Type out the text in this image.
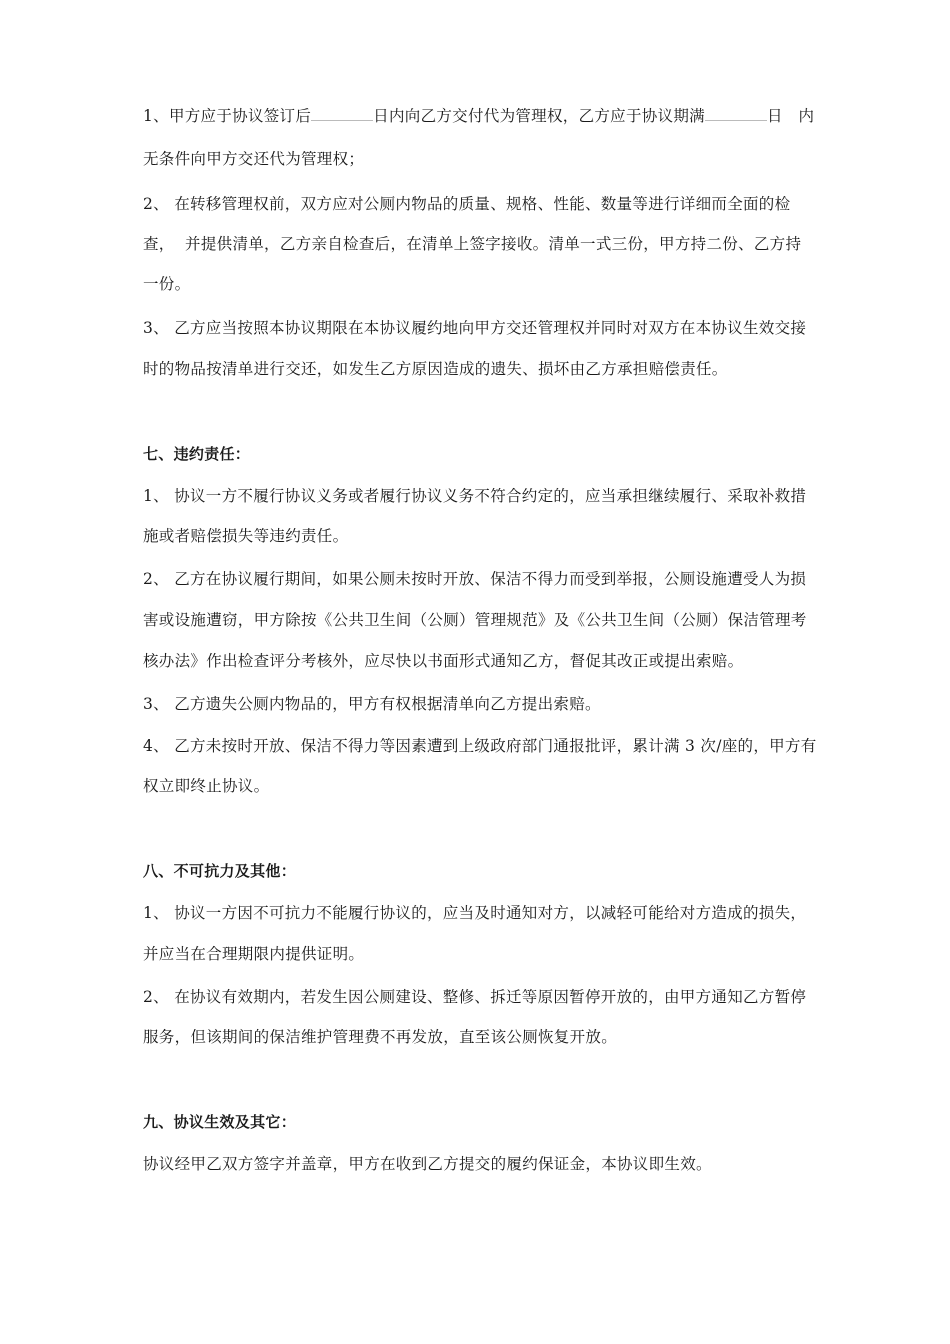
1、甲方应于协议签订后	日内向乙方交付代为管理权，乙方应于协议期满	日   内
无条件向甲方交还代为管理权；
2、 在转移管理权前，双方应对公厕内物品的质量、规格、性能、数量等进行详细而全面的检
查，  并提供清单，乙方亲自检查后，在清单上签字接收。清单一式三份，甲方持二份、乙方持
一份。
3、 乙方应当按照本协议期限在本协议履约地向甲方交还管理权并同时对双方在本协议生效交接
时的物品按清单进行交还，如发生乙方原因造成的遗失、损坏由乙方承担赔偿责任。
七、违约责任：
1、 协议一方不履行协议义务或者履行协议义务不符合约定的，应当承担继续履行、采取补救措
施或者赔偿损失等违约责任。
2、 乙方在协议履行期间，如果公厕未按时开放、保洁不得力而受到举报，公厕设施遭受人为损
害或设施遭窃，甲方除按《公共卫生间（公厕）管理规范》及《公共卫生间（公厕）保洁管理考
核办法》作出检查评分考核外，应尽快以书面形式通知乙方，督促其改正或提出索赔。
3、 乙方遗失公厕内物品的，甲方有权根据清单向乙方提出索赔。
4、 乙方未按时开放、保洁不得力等因素遭到上级政府部门通报批评，累计满 3 次/座的，甲方有
权立即终止协议。
八、不可抗力及其他：
1、 协议一方因不可抗力不能履行协议的，应当及时通知对方，以减轻可能给对方造成的损失，
并应当在合理期限内提供证明。
2、 在协议有效期内，若发生因公厕建设、整修、拆迁等原因暂停开放的，由甲方通知乙方暂停
服务，但该期间的保洁维护管理费不再发放，直至该公厕恢复开放。
九、协议生效及其它：
协议经甲乙双方签字并盖章，甲方在收到乙方提交的履约保证金，本协议即生效。
